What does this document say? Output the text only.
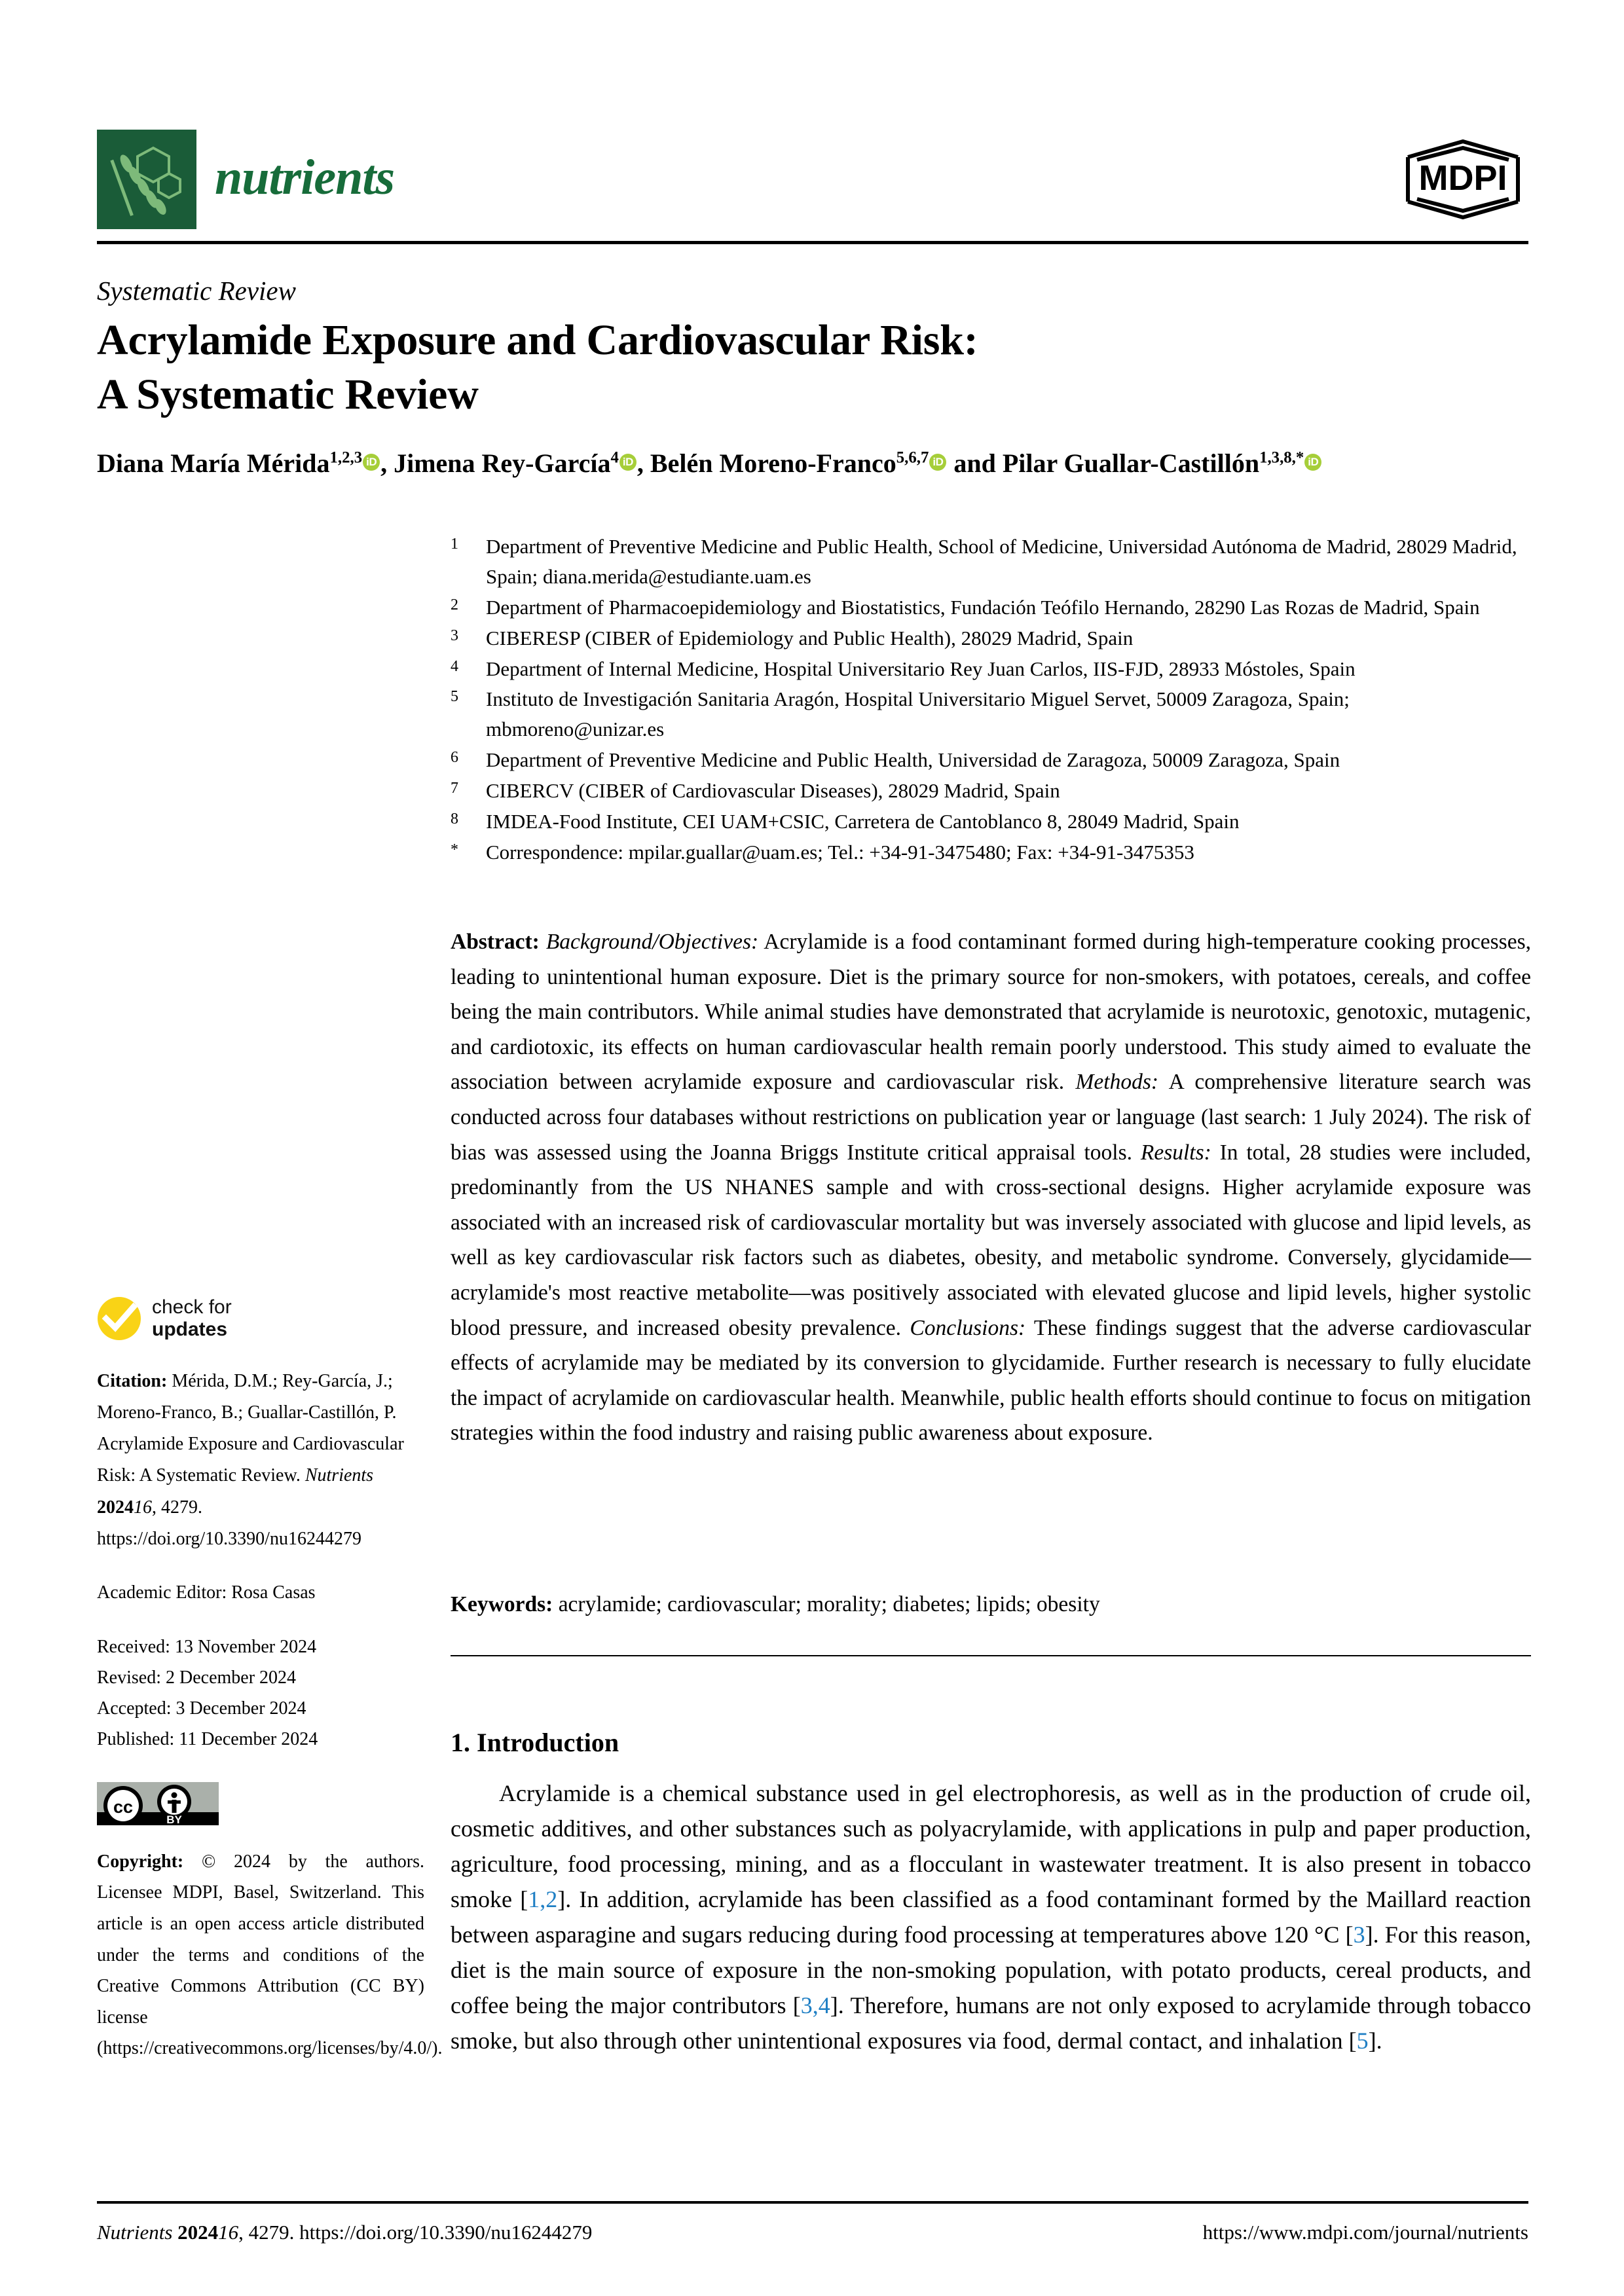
nutrients	MDPI
Systematic Review
Acrylamide Exposure and Cardiovascular Risk:
A Systematic Review
Diana María Mérida$^{1,2,3}$ iD , Jimena Rey-García$^4$ iD , Belén Moreno-Franco$^{5,6,7}$ iD and Pilar Guallar-Castillón$^{1,3,8,*}$ iD
1	Department of Preventive Medicine and Public Health, School of Medicine, Universidad Autónoma de Madrid, 28029 Madrid, Spain; diana.merida@estudiante.uam.es
2	Department of Pharmacoepidemiology and Biostatistics, Fundación Teófilo Hernando, 28290 Las Rozas de Madrid, Spain
3	CIBERESP (CIBER of Epidemiology and Public Health), 28029 Madrid, Spain
4	Department of Internal Medicine, Hospital Universitario Rey Juan Carlos, IIS-FJD, 28933 Móstoles, Spain
5	Instituto de Investigación Sanitaria Aragón, Hospital Universitario Miguel Servet, 50009 Zaragoza, Spain; mbmoreno@unizar.es
6	Department of Preventive Medicine and Public Health, Universidad de Zaragoza, 50009 Zaragoza, Spain
7	CIBERCV (CIBER of Cardiovascular Diseases), 28029 Madrid, Spain
8	IMDEA-Food Institute, CEI UAM+CSIC, Carretera de Cantoblanco 8, 28049 Madrid, Spain
*	Correspondence: mpilar.guallar@uam.es; Tel.: +34-91-3475480; Fax: +34-91-3475353
Abstract: Background/Objectives: Acrylamide is a food contaminant formed during high-temperature cooking processes, leading to unintentional human exposure. Diet is the primary source for non-smokers, with potatoes, cereals, and coffee being the main contributors. While animal studies have demonstrated that acrylamide is neurotoxic, genotoxic, mutagenic, and cardiotoxic, its effects on human cardiovascular health remain poorly understood. This study aimed to evaluate the association between acrylamide exposure and cardiovascular risk. Methods: A comprehensive literature search was conducted across four databases without restrictions on publication year or language (last search: 1 July 2024). The risk of bias was assessed using the Joanna Briggs Institute critical appraisal tools. Results: In total, 28 studies were included, predominantly from the US NHANES sample and with cross-sectional designs. Higher acrylamide exposure was associated with an increased risk of cardiovascular mortality but was inversely associated with glucose and lipid levels, as well as key cardiovascular risk factors such as diabetes, obesity, and metabolic syndrome. Conversely, glycidamide—acrylamide's most reactive metabolite—was positively associated with elevated glucose and lipid levels, higher systolic blood pressure, and increased obesity prevalence. Conclusions: These findings suggest that the adverse cardiovascular effects of acrylamide may be mediated by its conversion to glycidamide. Further research is necessary to fully elucidate the impact of acrylamide on cardiovascular health. Meanwhile, public health efforts should continue to focus on mitigation strategies within the food industry and raising public awareness about exposure.
Keywords: acrylamide; cardiovascular; morality; diabetes; lipids; obesity
1. Introduction

Acrylamide is a chemical substance used in gel electrophoresis, as well as in the production of crude oil, cosmetic additives, and other substances such as polyacrylamide, with applications in pulp and paper production, agriculture, food processing, mining, and as a flocculant in wastewater treatment. It is also present in tobacco smoke [1,2]. In addition, acrylamide has been classified as a food contaminant formed by the Maillard reaction between asparagine and sugars reducing during food processing at temperatures above 120 °C [3]. For this reason, diet is the main source of exposure in the non-smoking population, with potato products, cereal products, and coffee being the major contributors [3,4]. Therefore, humans are not only exposed to acrylamide through tobacco smoke, but also through other unintentional exposures via food, dermal contact, and inhalation [5].

check for
updates
Citation: Mérida, D.M.; Rey-García, J.; Moreno-Franco, B.; Guallar-Castillón, P. Acrylamide Exposure and Cardiovascular Risk: A Systematic Review. Nutrients 202416, 4279. https://doi.org/10.3390/nu16244279
Academic Editor: Rosa Casas
Received: 13 November 2024
Revised: 2 December 2024
Accepted: 3 December 2024
Published: 11 December 2024
cc
BY
Copyright: © 2024 by the authors. Licensee MDPI, Basel, Switzerland. This article is an open access article distributed under the terms and conditions of the Creative Commons Attribution (CC BY) license (https://creativecommons.org/licenses/by/4.0/).
Nutrients 202416, 4279. https://doi.org/10.3390/nu16244279	https://www.mdpi.com/journal/nutrients
